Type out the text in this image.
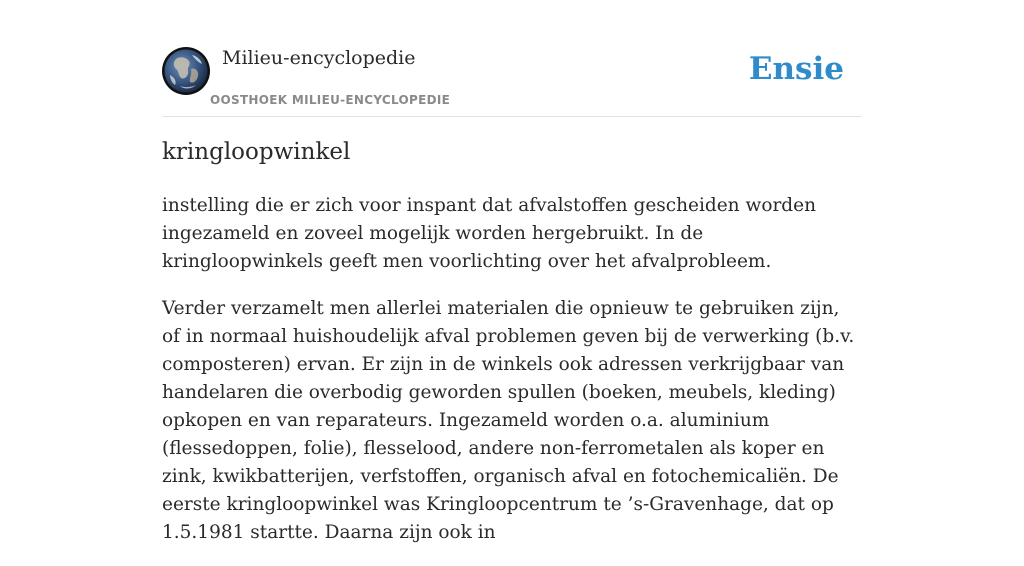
Milieu-encyclopedie
OOSTHOEK MILIEU-ENCYCLOPEDIE
Ensie
kringloopwinkel

instelling die er zich voor inspant dat afvalstoffen gescheiden worden ingezameld en zoveel mogelijk worden hergebruikt. In de kringloopwinkels geeft men voorlichting over het afvalprobleem.

Verder verzamelt men allerlei materialen die opnieuw te gebruiken zijn, of in normaal huishoudelijk afval problemen geven bij de verwerking (b.v. composteren) ervan. Er zijn in de winkels ook adressen verkrijgbaar van handelaren die overbodig geworden spullen (boeken, meubels, kleding) opkopen en van reparateurs. Ingezameld worden o.a. aluminium (flessedoppen, folie), flesselood, andere non-ferrometalen als koper en zink, kwikbatterijen, verfstoffen, organisch afval en fotochemicaliën. De eerste kringloopwinkel was Kringloopcentrum te ’s-Gravenhage, dat op 1.5.1981 startte. Daarna zijn ook in
